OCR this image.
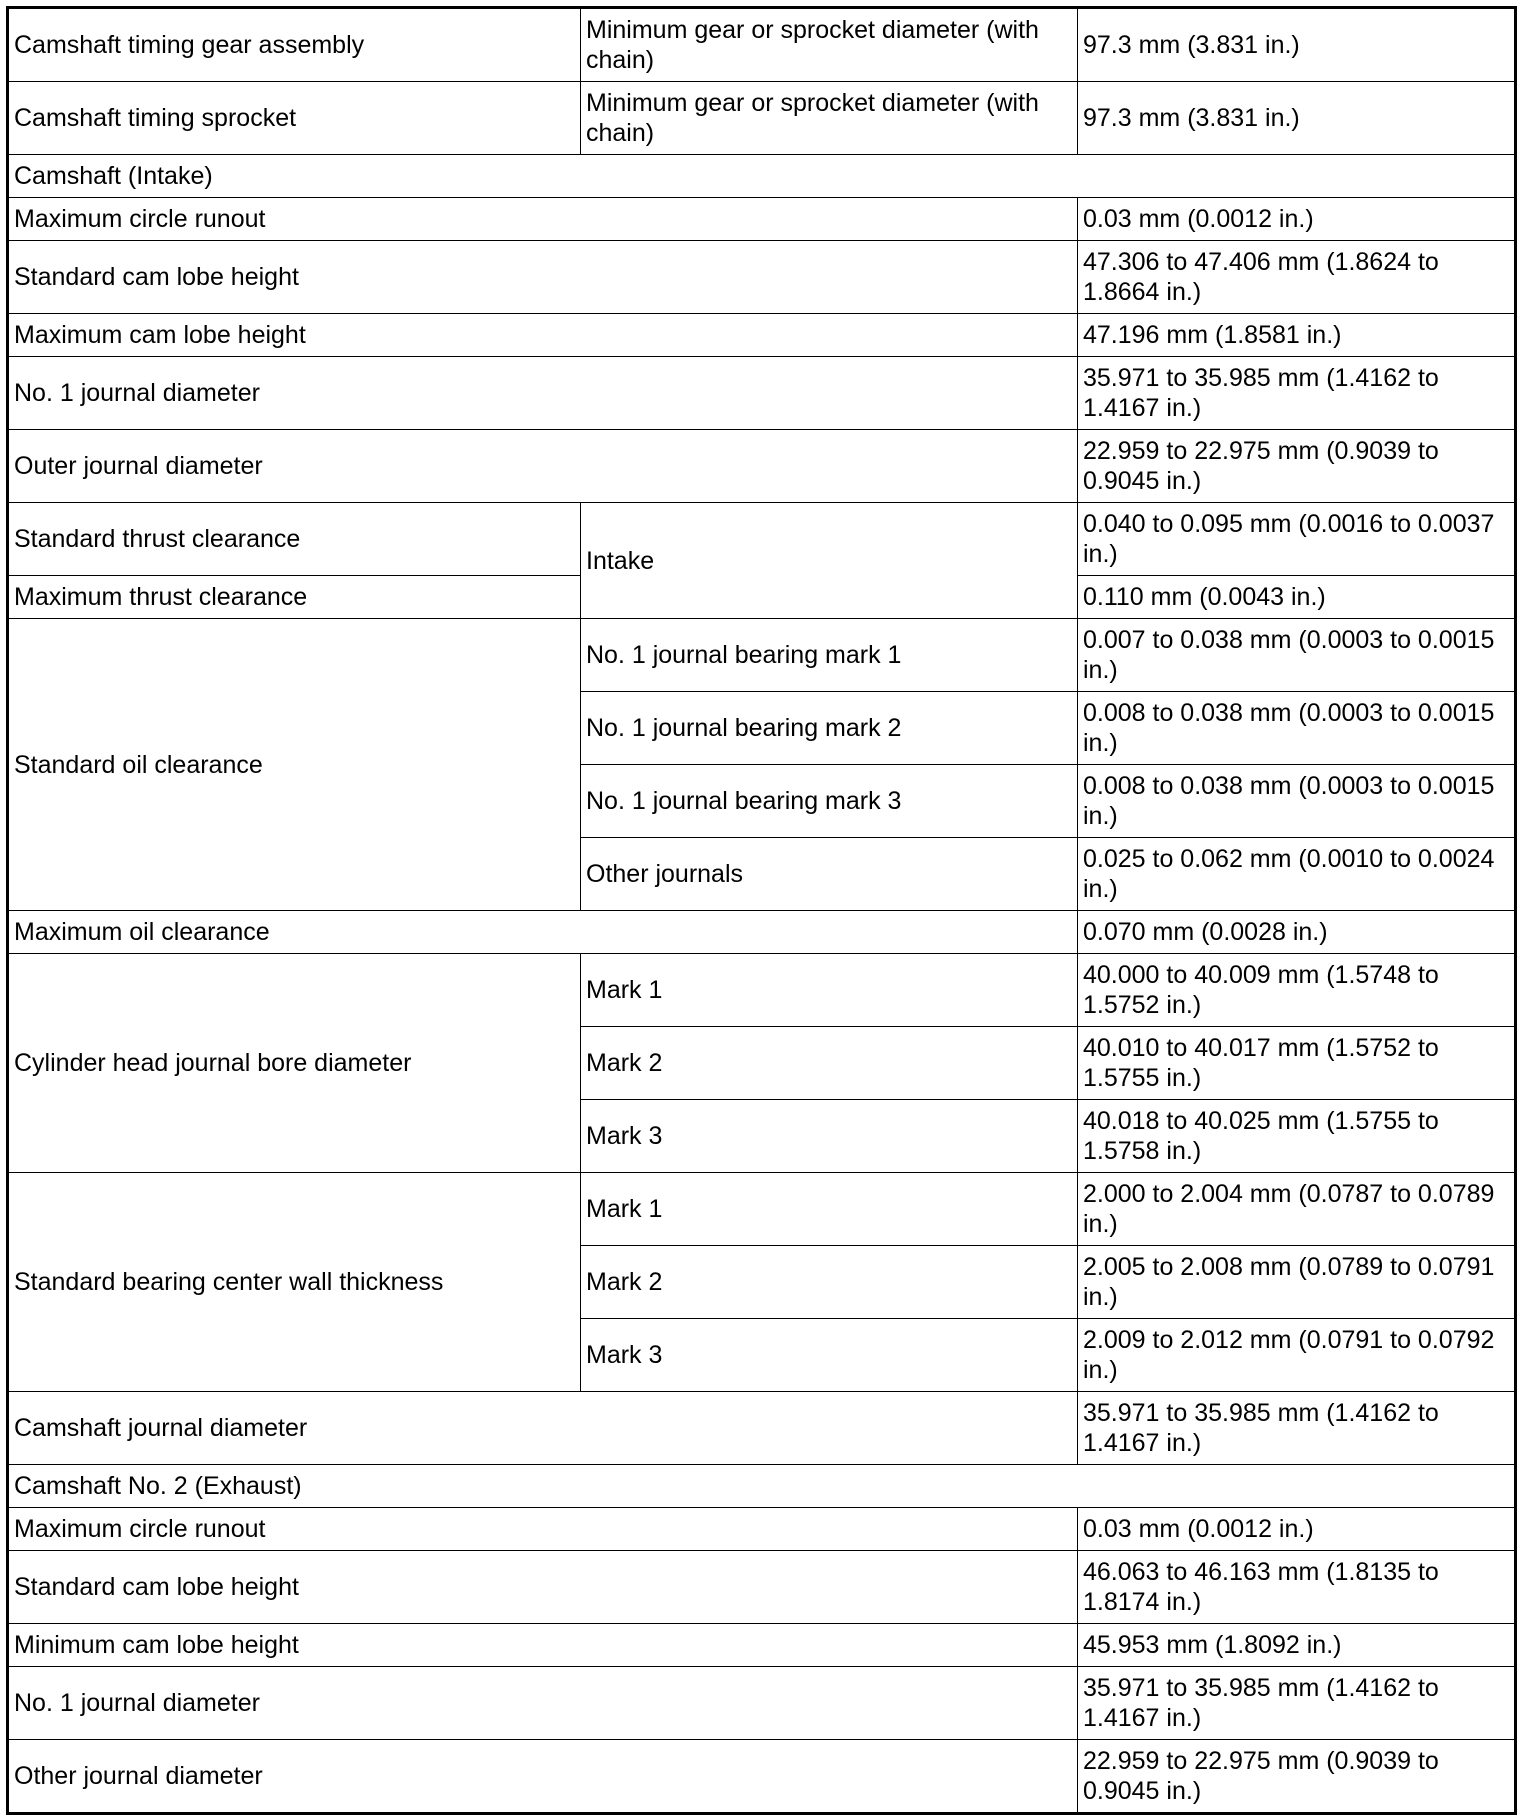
Camshaft timing gear assembly	Minimum gear or sprocket diameter (with chain)	97.3 mm (3.831 in.)
Camshaft timing sprocket	Minimum gear or sprocket diameter (with chain)	97.3 mm (3.831 in.)
Camshaft (Intake)		
Maximum circle runout		0.03 mm (0.0012 in.)
Standard cam lobe height		47.306 to 47.406 mm (1.8624 to 1.8664 in.)
Maximum cam lobe height		47.196 mm (1.8581 in.)
No. 1 journal diameter		35.971 to 35.985 mm (1.4162 to 1.4167 in.)
Outer journal diameter		22.959 to 22.975 mm (0.9039 to 0.9045 in.)
Standard thrust clearance	Intake	0.040 to 0.095 mm (0.0016 to 0.0037 in.)
Maximum thrust clearance		0.110 mm (0.0043 in.)
Standard oil clearance	No. 1 journal bearing mark 1	0.007 to 0.038 mm (0.0003 to 0.0015 in.)
	No. 1 journal bearing mark 2	0.008 to 0.038 mm (0.0003 to 0.0015 in.)
	No. 1 journal bearing mark 3	0.008 to 0.038 mm (0.0003 to 0.0015 in.)
	Other journals	0.025 to 0.062 mm (0.0010 to 0.0024 in.)
Maximum oil clearance		0.070 mm (0.0028 in.)
Cylinder head journal bore diameter	Mark 1	40.000 to 40.009 mm (1.5748 to 1.5752 in.)
	Mark 2	40.010 to 40.017 mm (1.5752 to 1.5755 in.)
	Mark 3	40.018 to 40.025 mm (1.5755 to 1.5758 in.)
Standard bearing center wall thickness	Mark 1	2.000 to 2.004 mm (0.0787 to 0.0789 in.)
	Mark 2	2.005 to 2.008 mm (0.0789 to 0.0791 in.)
	Mark 3	2.009 to 2.012 mm (0.0791 to 0.0792 in.)
Camshaft journal diameter		35.971 to 35.985 mm (1.4162 to 1.4167 in.)
Camshaft No. 2 (Exhaust)		
Maximum circle runout		0.03 mm (0.0012 in.)
Standard cam lobe height		46.063 to 46.163 mm (1.8135 to 1.8174 in.)
Minimum cam lobe height		45.953 mm (1.8092 in.)
No. 1 journal diameter		35.971 to 35.985 mm (1.4162 to 1.4167 in.)
Other journal diameter		22.959 to 22.975 mm (0.9039 to 0.9045 in.)
